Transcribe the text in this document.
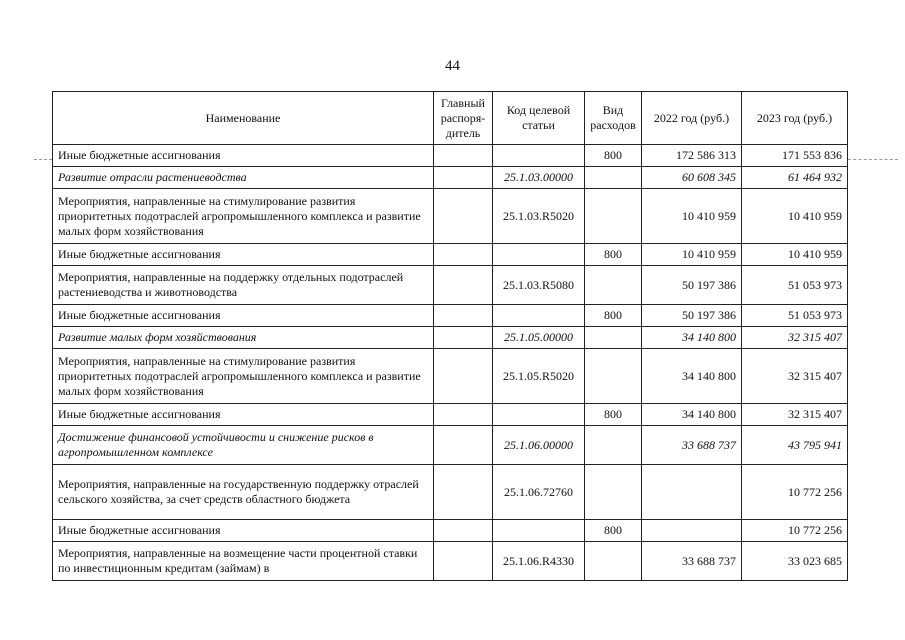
44
Наименование	Главный распоря-дитель	Код целевой статьи	Вид расходов	2022 год (руб.)	2023 год (руб.)
Иные бюджетные ассигнования			800	172 586 313	171 553 836
Развитие отрасли растениеводства		25.1.03.00000		60 608 345	61 464 932
Мероприятия, направленные на стимулирование развития приоритетных подотраслей агропромышленного комплекса и развитие малых форм хозяйствования		25.1.03.R5020		10 410 959	10 410 959
Иные бюджетные ассигнования			800	10 410 959	10 410 959
Мероприятия, направленные на поддержку отдельных подотраслей растениеводства и животноводства		25.1.03.R5080		50 197 386	51 053 973
Иные бюджетные ассигнования			800	50 197 386	51 053 973
Развитие малых форм хозяйствования		25.1.05.00000		34 140 800	32 315 407
Мероприятия, направленные на стимулирование развития приоритетных подотраслей агропромышленного комплекса и развитие малых форм хозяйствования		25.1.05.R5020		34 140 800	32 315 407
Иные бюджетные ассигнования			800	34 140 800	32 315 407
Достижение финансовой устойчивости и снижение рисков в агропромышленном комплексе		25.1.06.00000		33 688 737	43 795 941
Мероприятия, направленные на государственную поддержку отраслей сельского хозяйства, за счет средств областного бюджета		25.1.06.72760			10 772 256
Иные бюджетные ассигнования			800		10 772 256
Мероприятия, направленные на возмещение части процентной ставки по инвестиционным кредитам (займам) в		25.1.06.R4330		33 688 737	33 023 685
